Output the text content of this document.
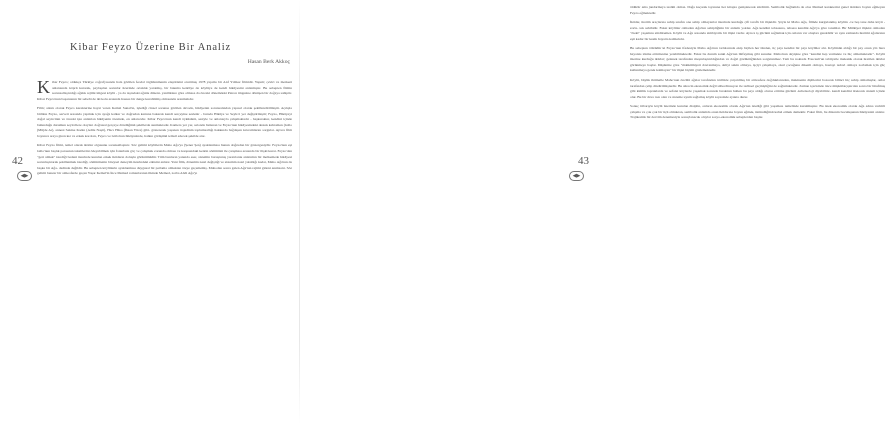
Kibar Feyzo Üzerine Bir Analiz
Hasan Berk Akkoç

Kibar Feyzo; oldukça Türkiye coğrafyasında hala görülen feodal örgütlenmenin eleştirisini oturtmuş 1978 yapımı bir Atıf Yılmaz filmidir. Yapım; çeviri ve merkezi anlatısında köprü kurarak, paylaşılan sorunlar üzerinde ortaklık yaratmış, bir bakıma kentliye de köylüye de kendi hikâyesini anlatmıştır. Bu sebepten filmin sorunsallaştırdığı ağalık rejimi imgesi köylü - ya da taşradaki ağalık düzeni- yeniliklere göre olmasa da önceki dönemdeki Patron imgesine dönüşen bir doğaya sahiptir. Kibar Feyzo'nun başarısının bir sebebi de iki kolu arasında hassas bir denge kurabilmiş olmasında aranmalıdır.

Film; anlatı olarak Feyzo karakterine hayat veren Kemal Sunal'ın, işlediği cinsel sorunsa görülen davada, hikâyenin sorunsalından yapısal olarak şekillendirilmiştir. Açılışla birlikte Feyzo, serveti arasında yapmak için ayağa kalkar ve doğrudan karnına bakarak kendi serçeyine seslenir - burada Hikâye ve Seyirci yer değiştirmiştir; Feyzo, Hikâyeyi doğal seyircinin ve önceki işte anlatılan hikâyenin ötesinde, en anlatıcıdır. Kibar Feyzo'nun kendi öyküsünü, sesiyle ve anlatısıyla çalışmaktadır - başkarakter, kendini içinde bulunduğu durumun seyircilere olayları doğrusal gerçeye döndüğünü şekillerde sunmaktadır. Kamera yer yer, salonda bulunan ve Feyzo'nun hikâyesindeki destek kahraman (Gülo (Müjde Ar), annesi Sakine Kadın (Adile Naşit), Hacı Hüso (İhsan Yüce) gibi- göstererek yaşanan trajedinin toplumsallığı hakkında bağdaşan kavramlarını sorgular. Ayrıca film boyunca araya giren kız ve erkek koroları, Feyzo ve Gülo'nun hikâyesinde, halkın görüşünü temsil edecek şekilde atar.

Kibar Feyzo filmi, temel olarak iktidar olgusunu sorunsallaştırır. Söz gelimi köylülerin Maho Ağa'ya (Şener Şen) ayaklanması bunun doğrudan bir göstergesiydir. Feyzo'nun eşi Gülo'nun başlık parasının taksitlerini ödeyebilmek için İstanbula göç ve çalışmak zorunda olması ve karşısındaki kentin sömürüsü ile çatışması arasında bir ilişki kurar. Feyzo'dan "geri almak" istediği bedeni üzerinde kurulan erkek iktidarın doluşlu görünümüdür. Tüm bunların yanında eser, sistemin buruşturuş yaratılarak anlatımın bir melkemede hikâyesi sorunlaştırarak şekillenmek istediği, sömürmenin bireysel deneyim üzerindeki etkisini anlatır. Yani film, dönemin nasıl değiştiği ve sistemin nasıl yıkıldığı kadar, Maho Ağa'nın da başka bir Ağa- dedinde değildir. Bu sebepten köylülerin ayaklanması duygusal bir patlama olmaktan öteye geçememiş. Mahodan sonra gelen Ağa'nın rejimi gideni anımsatır. Söz gelimi benzer bir atmosferde geçen Yaşar Kemal'in İnce Memed romanlarının ilkinde Memed, zorba Abdi Ağa'yı

42
◀▶

öldürür ama jandarmaya teslim olmaz. Dağa kaçarak isyanına her kitapta genişletecek sürdürür. Sembolik bağlamda da olsa Memed karakterini genel iktidara boyun eğmeyen Feyzo eğmektedir.

İktidar, üretim araçlarına sahip sınıfın ona sahip olmayanlar üzerinde kurduğu çift taraflı bir ilişkidir. Şöyle ki Maho Ağa, filmde kurgulanmış köylün -ve beş tane daha köyü -zorla- tek sahibidir. Fakat köylüler olmadan Ağa'nın sahipliğinin bir anlamı yoktur. Ağa kendini tebaasına, tebaası kendini Ağa'ya göre tanımlar. Bir Mülkiyet ilişkisi olmadan "öteki" yaşamını sürdüremez. Köylü ve Ağa arasında simbiyotik bir ilişki vardır. Ayrıca iş gücünü sağlamak için onların var oluşları gereklidir ve aynı zamanda üretimi ağalarının eşit kadar bir kısmı hayatta kalmalıdır.

Bu sebepten ötürüdür ki Feyzo'nun ifadesiyle Maho Ağa'nın tarlalarında ekip biçilen her tünden, üç payı kendisi bir payı köylüler alır. Köylünün aldığı bir pay onun yılı bura hayatını idame ettirmesine yetebilmektedir. Fakat bu durum sanki Ağa'nın lütfuymuş gibi sunulur. Maho'nun deyişine göre "kendisi hep vermekte ve hiç almamaktadır". Köylü üzerine kurduğu iktidar; gelenek tarafından meşrulaştırıldığından ve doğal gözüktüğünden sorgulanmaz. Tam bu noktada Foucault'un tabiiyetle mekanik olarak üretilen iktidar görünmeye başlar. Düşünüre göre "mahkûmiyeti davranmaya, deliyi sakin olmaya, işçiyi çalışmaya, okul çocuğunu dikenli olmaya, hastayı tedavi olmaya zorlamak için güç kullanmaya gerek kalmayan" bir ilişki biçimi gözlemektedir.

Köylü, büyük ihtimalle Maho'nun öncülü ağalar tarafından tıtrilikle çarpıtılmış bir atmosfere doğduklarından, makinenin dişlilerini bozacak bilinci hiç sahip olmamışlar, onlar tarafından çelip dindirilmişlerdir. Bu sürecin ekonomik değil sübordinasyon ile tarihsel geçmişliğini de sağlamaktadır. Zaman içerisinde önce müşkülatçıştırılan sonra bir lütufmuş gibi kimlik topraklarda ve sefalet köylerde yaşamak zorunda bırakılan halkın bu payı aldığı olursa ettirme gücünü -kriteleoloji diyebiliriz- kendi kendini üretecek sistem içinde olur. Bu bir dava razı olan ve sisteme uyum sağlamış köylü sayesinde ayakta durur.

Sonuç itibarıyle köylü üzerinde kurulan disiplin, onların ekonomik olarak Ağa'nın istediği gibi yaşaması temelinde kurulmuştur. Bu istek ekonomik olarak Ağa adına verimli çalışma ve çok çok bir üçü olmaktan, sembolik anlamda onun iktidarına boyun eğmek, üstündüğünü kabul etmek demektir. Fakat film, bu düzenin bozuluşunun hikâyesini anlatır. Trajikomik bir devrim denemesiyle sonuçlanacak olaylar sosyo-ekonomik sebeplerden başlar.

43
◀▶
